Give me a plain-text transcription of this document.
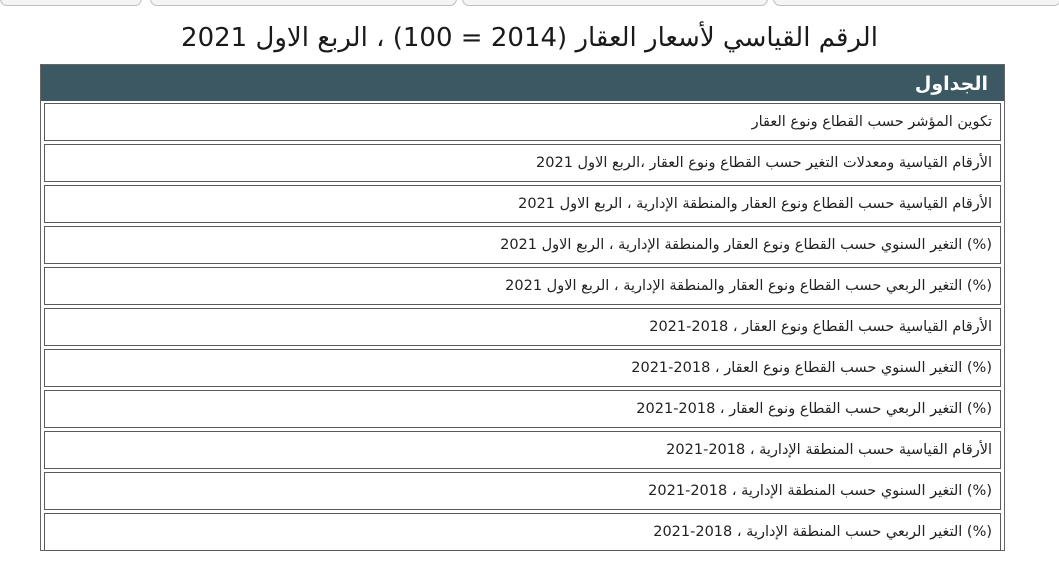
الرقم القياسي لأسعار العقار (2014 = 100) ، الربع الاول 2021
الجداول
تكوين المؤشر حسب القطاع ونوع العقار
الأرقام القياسية ومعدلات التغير حسب القطاع ونوع العقار ،الربع الاول 2021
الأرقام القياسية حسب القطاع ونوع العقار والمنطقة الإدارية ، الربع الاول 2021
(%) التغير السنوي حسب القطاع ونوع العقار والمنطقة الإدارية ، الربع الاول 2021
(%) التغير الربعي حسب القطاع ونوع العقار والمنطقة الإدارية ، الربع الاول 2021
الأرقام القياسية حسب القطاع ونوع العقار ، 2018-2021
(%) التغير السنوي حسب القطاع ونوع العقار ، 2018-2021
(%) التغير الربعي حسب القطاع ونوع العقار ، 2018-2021
الأرقام القياسية حسب المنطقة الإدارية ، 2018-2021
(%) التغير السنوي حسب المنطقة الإدارية ، 2018-2021
(%) التغير الربعي حسب المنطقة الإدارية ، 2018-2021
